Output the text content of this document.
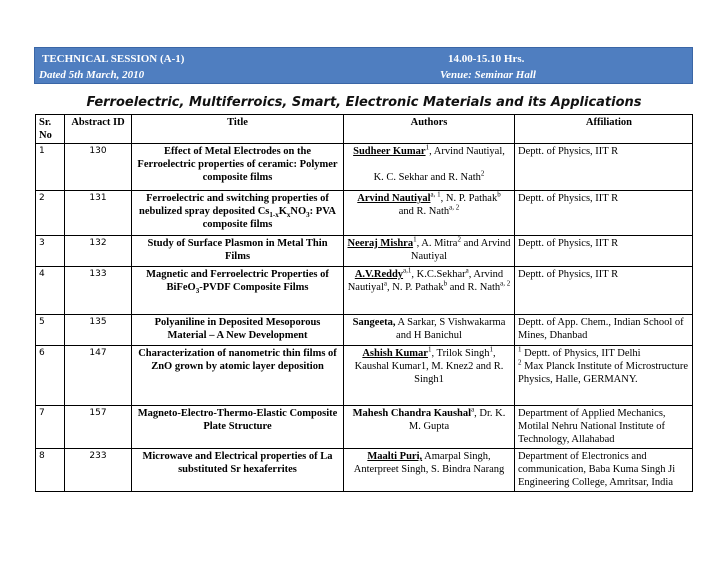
TECHNICAL SESSION (A-1)	14.00-15.10 Hrs.
Dated 5th March, 2010	Venue: Seminar Hall
Ferroelectric, Multiferroics, Smart, Electronic Materials and its Applications
Sr. No	Abstract ID	Title	Authors	Affiliation
1	130	Effect of Metal Electrodes on the Ferroelectric properties of ceramic: Polymer composite films	Sudheer Kumar$^1$, Arvind Nautiyal,

K. C. Sekhar and R. Nath$^2$	Deptt. of Physics, IIT R
2	131	Ferroelectric and switching properties of nebulized spray deposited $Cs_{1-x}K_xNO_3$: PVA composite films	Arvind Nautiyal$^{a, 1}$, N. P. Pathak$^b$
and R. Nath$^{a, 2}$	Deptt. of Physics, IIT R
3	132	Study of Surface Plasmon in Metal Thin Films	Neeraj Mishra$^1$, A. Mitra$^2$ and Arvind Nautiyal	Deptt. of Physics, IIT R
4	133	Magnetic and Ferroelectric Properties of BiFeO$_3$-PVDF Composite Films	A.V.Reddy$^{a,1}$, K.C.Sekhar$^a$, Arvind Nautiyal$^a$, N. P. Pathak$^b$ and R. Nath$^{a, 2}$	Deptt. of Physics, IIT R
5	135	Polyaniline in Deposited Mesoporous Material – A New Development	Sangeeta, A Sarkar, S Vishwakarma and H Banichul	Deptt. of App. Chem., Indian School of Mines, Dhanbad
6	147	Characterization of nanometric thin films of ZnO grown by atomic layer deposition	Ashish Kumar$^1$, Trilok Singh$^1$, Kaushal Kumar1, M. Knez2 and R. Singh1	$^1$ Deptt. of Physics, IIT Delhi
$^2$ Max Planck Institute of Microstructure Physics, Halle, GERMANY.
7	157	Magneto-Electro-Thermo-Elastic Composite Plate Structure	Mahesh Chandra Kaushal$^a$, Dr. K. M. Gupta	Department of Applied Mechanics, Motilal Nehru National Institute of Technology, Allahabad
8	233	Microwave and Electrical properties of La substituted Sr hexaferrites	Maalti Puri, Amarpal Singh, Anterpreet Singh, S. Bindra Narang	Department of Electronics and communication, Baba Kuma Singh Ji Engineering College, Amritsar, India
